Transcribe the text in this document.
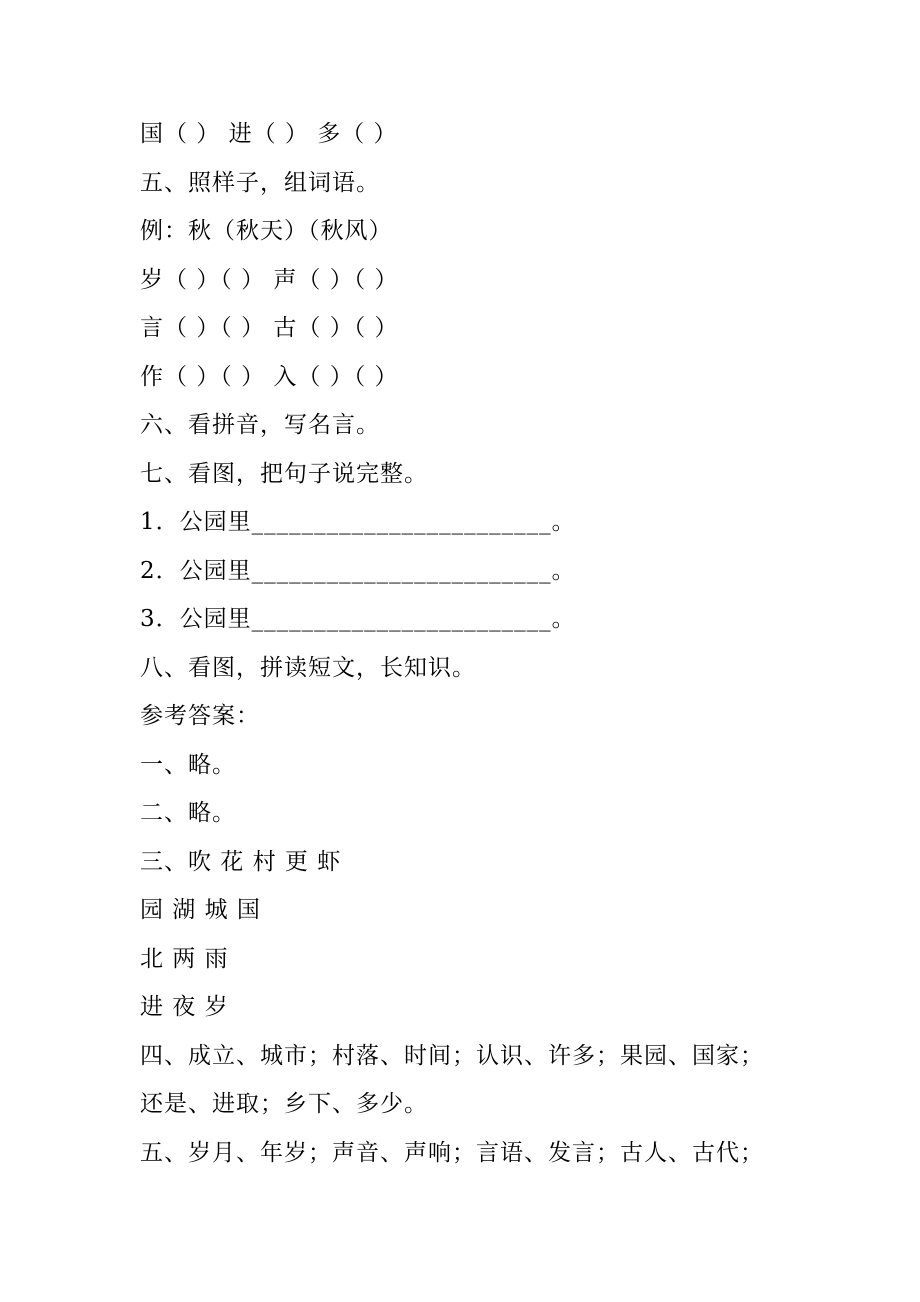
国（ ） 进（ ） 多（ ）
五、照样子，组词语。
例：秋（秋天）（秋风）
岁（ ）（ ） 声（ ）（ ）
言（ ）（ ） 古（ ）（ ）
作（ ）（ ） 入（ ）（ ）
六、看拼音，写名言。
七、看图，把句子说完整。
1．公园里________________________。
2．公园里________________________。
3．公园里________________________。
八、看图，拼读短文，长知识。
参考答案：
一、略。
二、略。
三、吹 花 村 更 虾
园 湖 城 国
北 两 雨
进 夜 岁
四、成立、城市；村落、时间；认识、许多；果园、国家；
还是、进取；乡下、多少。
五、岁月、年岁；声音、声响；言语、发言；古人、古代；
